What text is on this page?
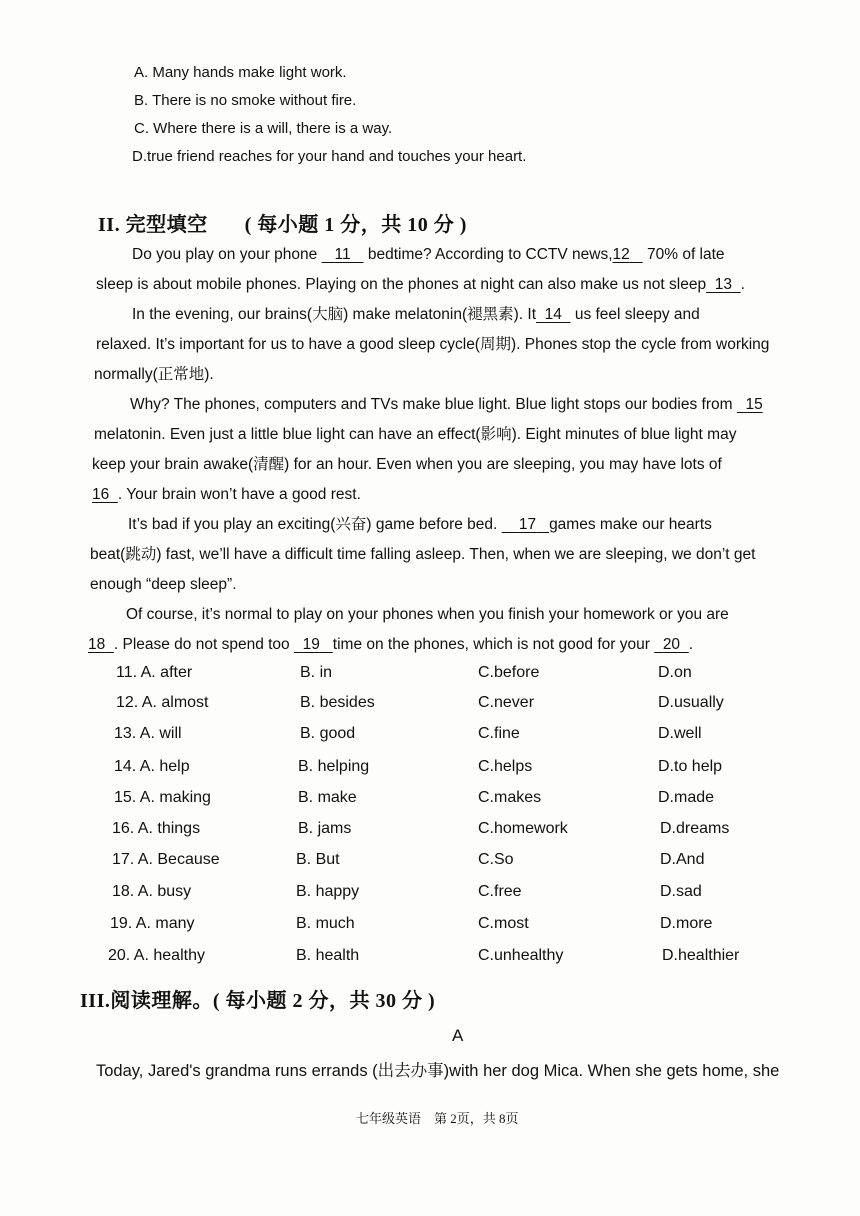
A. Many hands make light work.
B. There is no smoke without fire.
C. Where there is a will, there is a way.
D.true friend reaches for your hand and touches your heart.
II. 完型填空 ( 每小题 1 分，共 10 分 )
Do you play on your phone 11 bedtime? According to CCTV news,12 70% of late
sleep is about mobile phones. Playing on the phones at night can also make us not sleep 13 .
In the evening, our brains(大脑) make melatonin(褪黑素). It 14 us feel sleepy and
relaxed. It’s important for us to have a good sleep cycle(周期). Phones stop the cycle from working
normally(正常地).
Why? The phones, computers and TVs make blue light. Blue light stops our bodies from 15
melatonin. Even just a little blue light can have an effect(影响). Eight minutes of blue light may
keep your brain awake(清醒) for an hour. Even when you are sleeping, you may have lots of
16 . Your brain won’t have a good rest.
It’s bad if you play an exciting(兴奋) game before bed. 17 games make our hearts
beat(跳动) fast, we’ll have a difficult time falling asleep. Then, when we are sleeping, we don’t get
enough “deep sleep”.
Of course, it’s normal to play on your phones when you finish your homework or you are
18 . Please do not spend too 19 time on the phones, which is not good for your 20 .
11. A. after	B. in	C.before	D.on
12. A. almost	B. besides	C.never	D.usually
13. A. will	B. good	C.fine	D.well
14. A. help	B. helping	C.helps	D.to help
15. A. making	B. make	C.makes	D.made
16. A. things	B. jams	C.homework	D.dreams
17. A. Because	B. But	C.So	D.And
18. A. busy	B. happy	C.free	D.sad
19. A. many	B. much	C.most	D.more
20. A. healthy	B. health	C.unhealthy	D.healthier
III.阅读理解。( 每小题 2 分，共 30 分 )
A
Today, Jared's grandma runs errands (出去办事)with her dog Mica. When she gets home, she
七年级英语　第 2页，共 8页
